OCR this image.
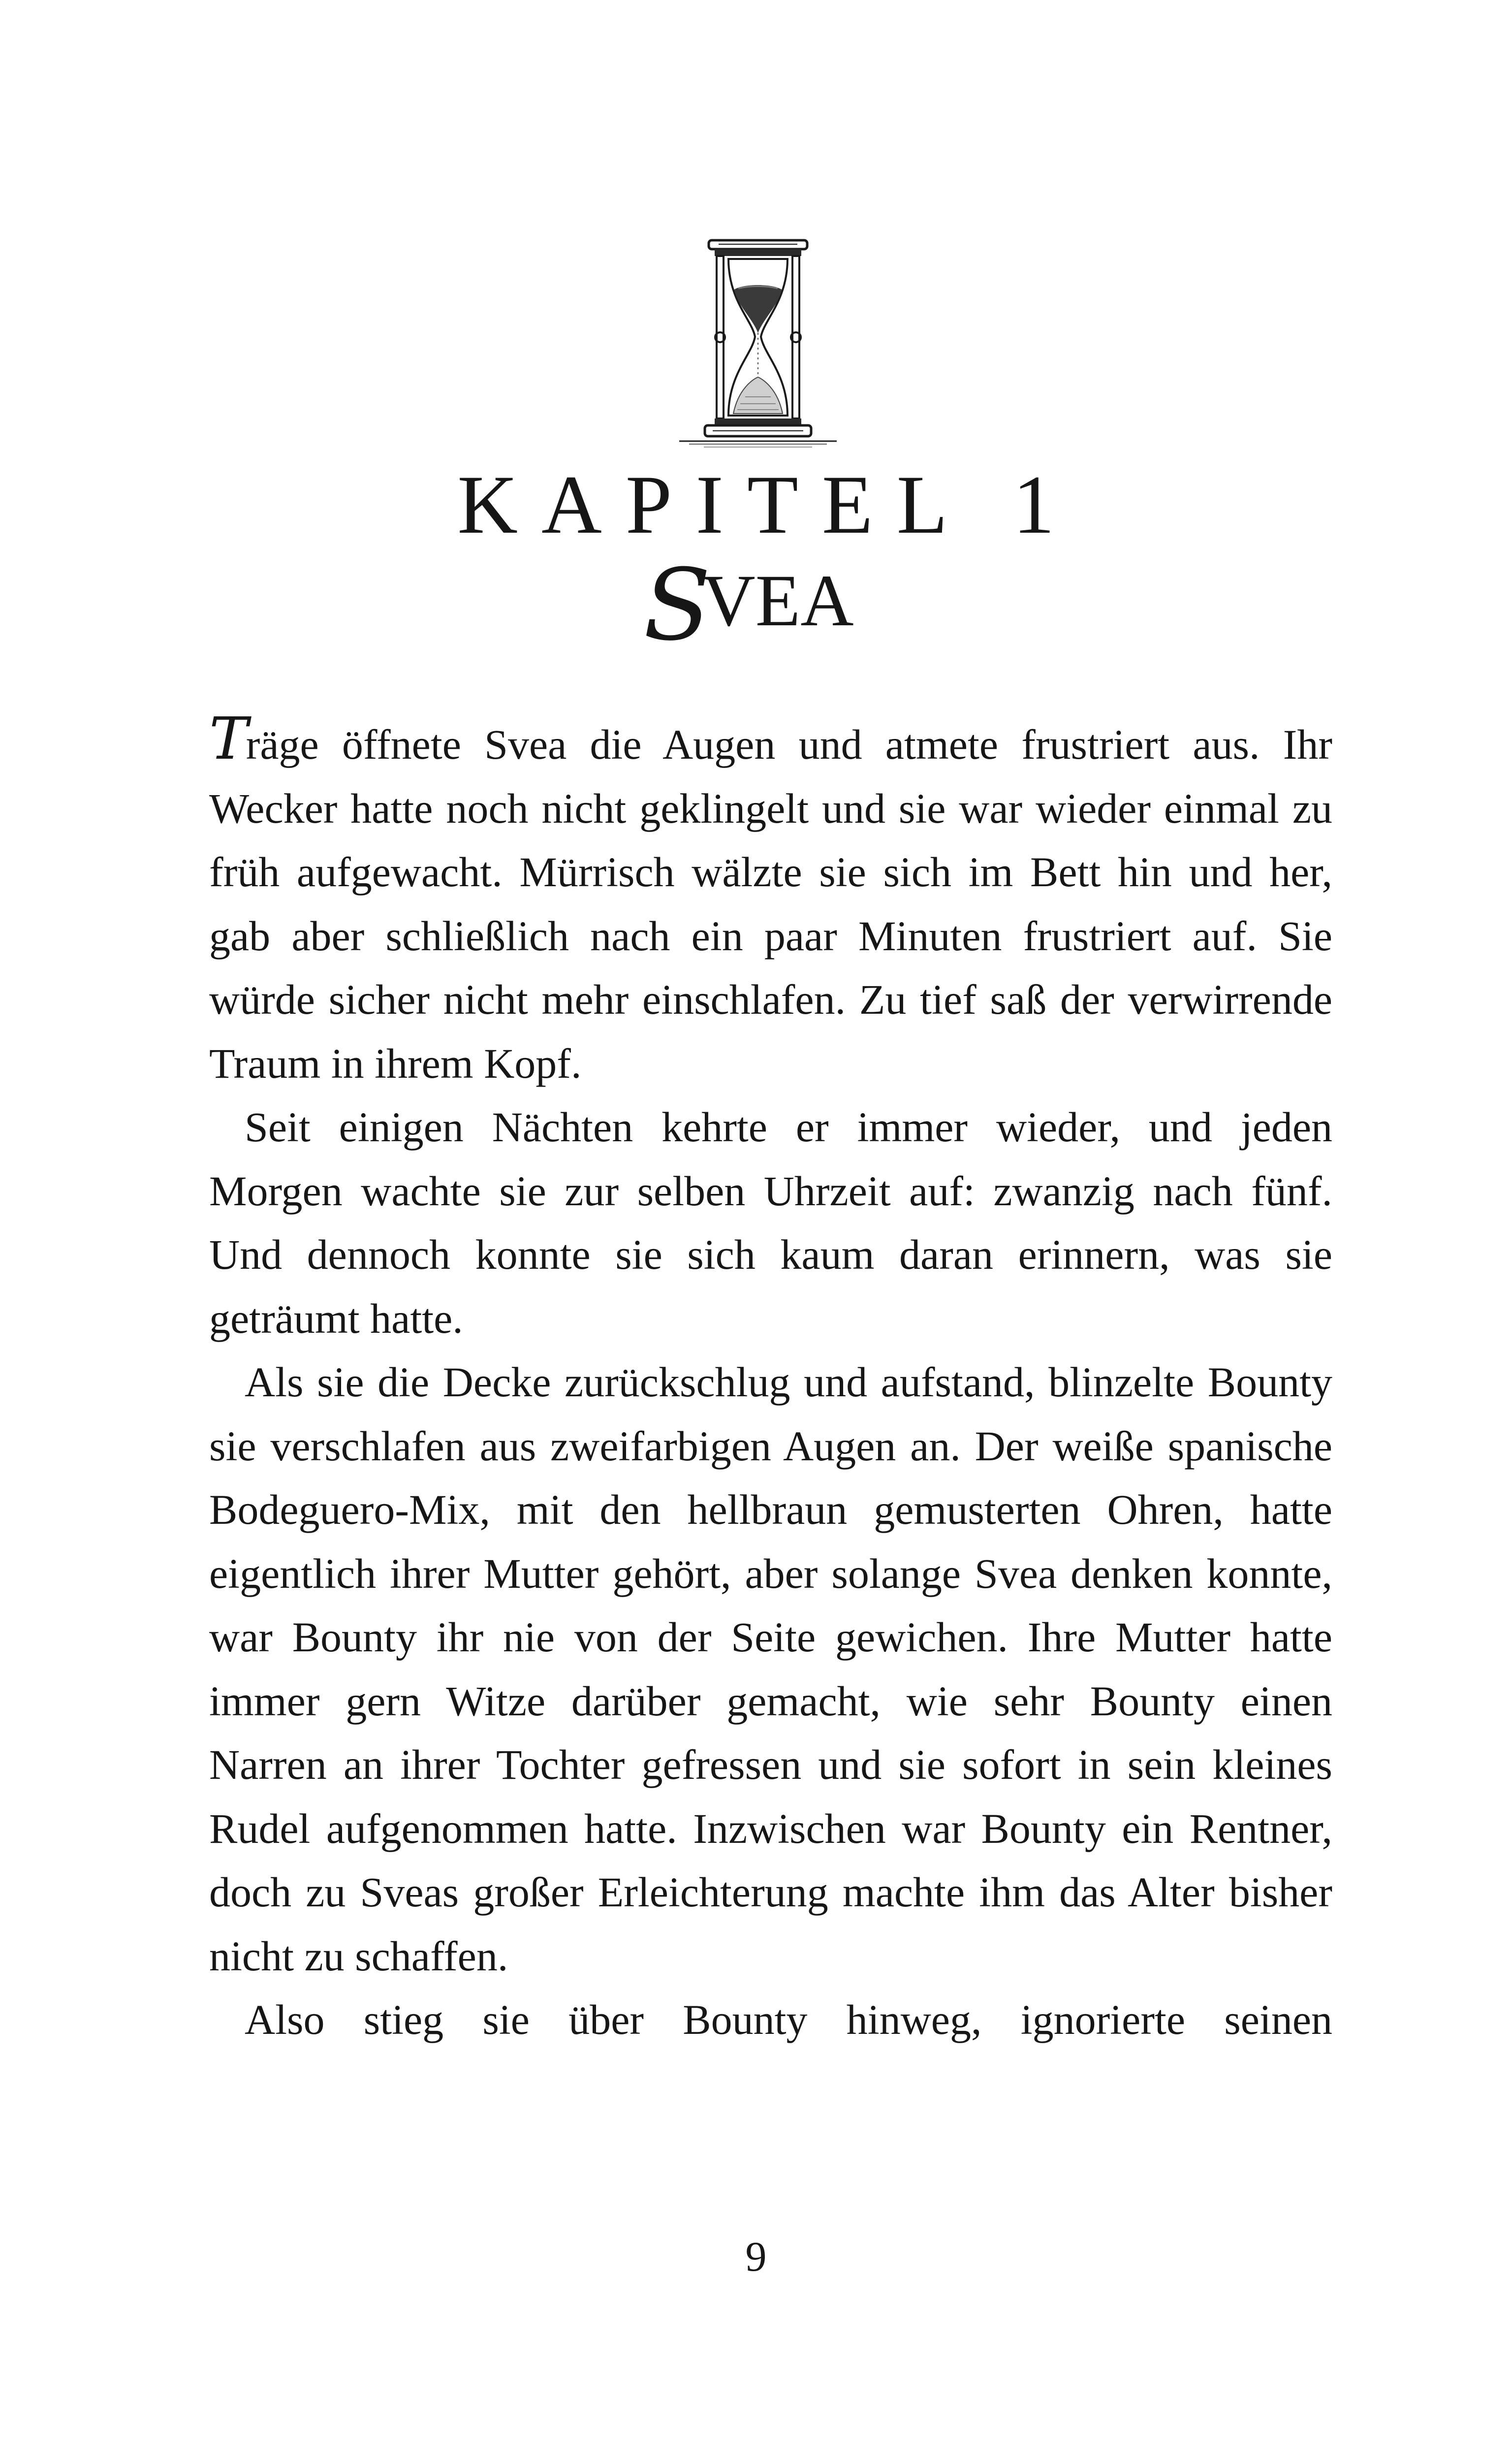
KAPITEL 1
SVEA

Träge öffnete Svea die Augen und atmete frustriert aus. Ihr Wecker hatte noch nicht geklingelt und sie war wieder einmal zu früh aufgewacht. Mürrisch wälzte sie sich im Bett hin und her, gab aber schließlich nach ein paar Minuten frustriert auf. Sie würde sicher nicht mehr einschlafen. Zu tief saß der verwirrende Traum in ihrem Kopf.

Seit einigen Nächten kehrte er immer wieder, und jeden Morgen wachte sie zur selben Uhrzeit auf: zwanzig nach fünf. Und dennoch konnte sie sich kaum daran erinnern, was sie geträumt hatte.

Als sie die Decke zurückschlug und aufstand, blinzelte Bounty sie verschlafen aus zweifarbigen Augen an. Der weiße spanische Bodeguero-Mix, mit den hellbraun gemusterten Ohren, hatte eigentlich ihrer Mutter gehört, aber solange Svea denken konnte, war Bounty ihr nie von der Seite gewichen. Ihre Mutter hatte immer gern Witze darüber gemacht, wie sehr Bounty einen Narren an ihrer Tochter gefressen und sie sofort in sein kleines Rudel aufgenommen hatte. Inzwischen war Bounty ein Rentner, doch zu Sveas großer Erleichterung machte ihm das Alter bisher nicht zu schaffen.

Also stieg sie über Bounty hinweg, ignorierte seinen

9
